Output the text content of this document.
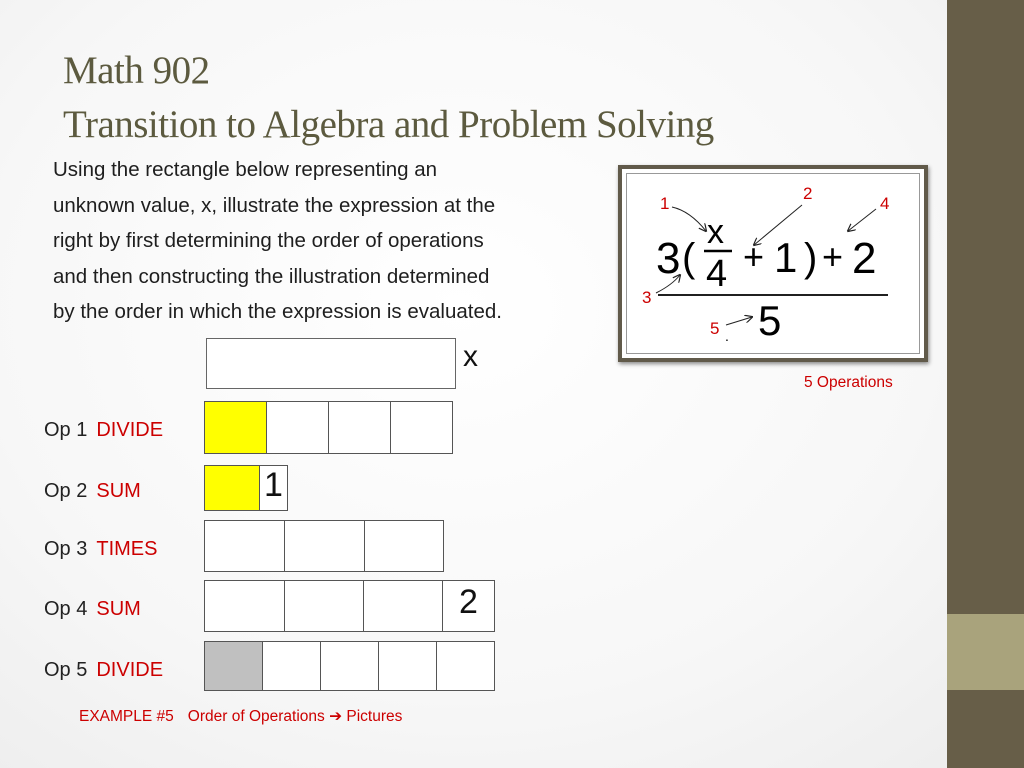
Math 902
Transition to Algebra and Problem Solving
Using the rectangle below representing an
unknown value, x, illustrate the expression at the
right by first determining the order of operations
and then constructing the illustration determined
by the order in which the expression is evaluated.
1
2
4
3
5
3 (
x
4 + 1 ) + 2
5
.
5 Operations
x
Op 1 DIVIDE
Op 2 SUM	1
Op 3 TIMES
Op 4 SUM	2
Op 5 DIVIDE
EXAMPLE #5 Order of Operations ➔ Pictures
